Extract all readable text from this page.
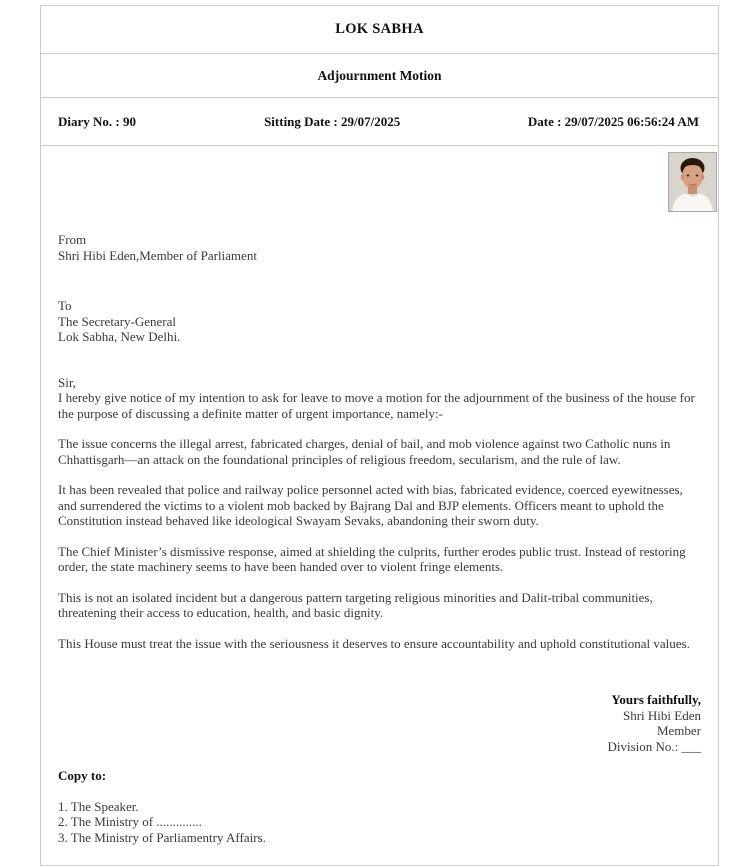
LOK SABHA
Adjournment Motion
Diary No. : 90	Sitting Date : 29/07/2025	Date : 29/07/2025 06:56:24 AM
From
Shri Hibi Eden,Member of Parliament
To
The Secretary-General
Lok Sabha, New Delhi.
Sir,
I hereby give notice of my intention to ask for leave to move a motion for the adjournment of the business of the house for the purpose of discussing a definite matter of urgent importance, namely:-

The issue concerns the illegal arrest, fabricated charges, denial of bail, and mob violence against two Catholic nuns in Chhattisgarh—an attack on the foundational principles of religious freedom, secularism, and the rule of law.

It has been revealed that police and railway police personnel acted with bias, fabricated evidence, coerced eyewitnesses, and surrendered the victims to a violent mob backed by Bajrang Dal and BJP elements. Officers meant to uphold the Constitution instead behaved like ideological Swayam Sevaks, abandoning their sworn duty.

The Chief Minister’s dismissive response, aimed at shielding the culprits, further erodes public trust. Instead of restoring order, the state machinery seems to have been handed over to violent fringe elements.

This is not an isolated incident but a dangerous pattern targeting religious minorities and Dalit-tribal communities, threatening their access to education, health, and basic dignity.

This House must treat the issue with the seriousness it deserves to ensure accountability and uphold constitutional values.

Yours faithfully,
Shri Hibi Eden
Member
Division No.: ___
Copy to:
1. The Speaker.
2. The Ministry of ..............
3. The Ministry of Parliamentry Affairs.
